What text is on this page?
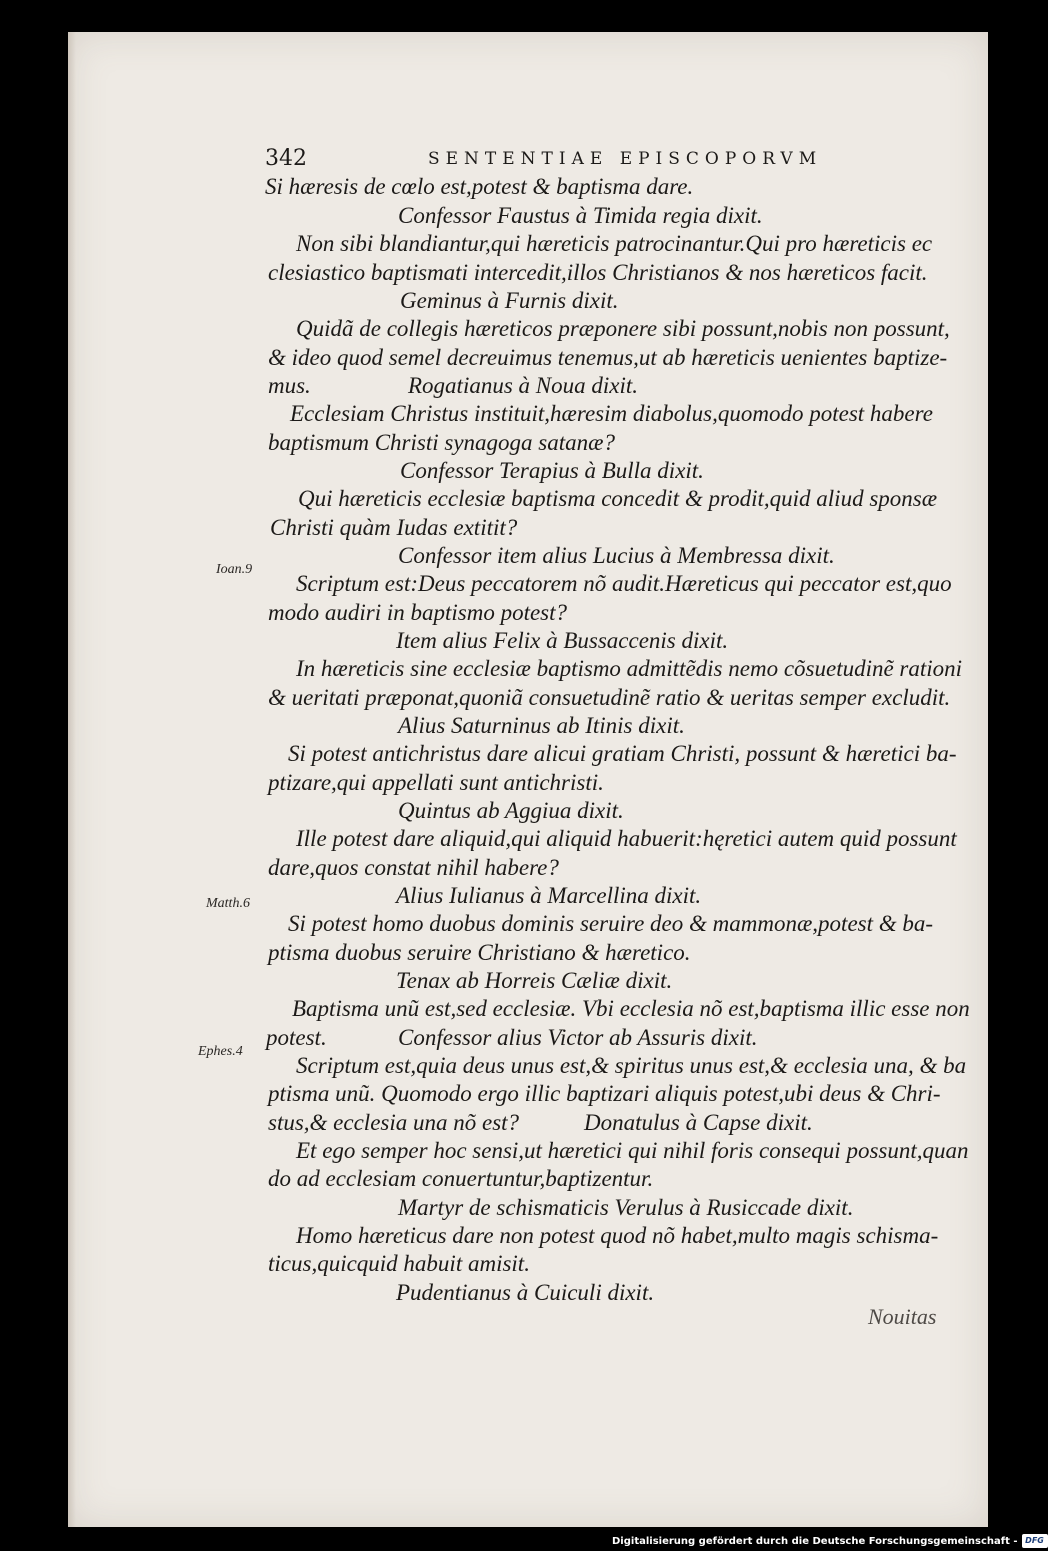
342	SENTENTIAE EPISCOPORVM
Si hæresis de cœlo est,potest & baptisma dare.
Confessor Faustus à Timida regia dixit.
Non sibi blandiantur,qui hæreticis patrocinantur.Qui pro hæreticis ec
clesiastico baptismati intercedit,illos Christianos & nos hæreticos facit.
Geminus à Furnis dixit.
Quidã de collegis hæreticos præponere sibi possunt,nobis non possunt,
& ideo quod semel decreuimus tenemus,ut ab hæreticis uenientes baptize-
mus.	Rogatianus à Noua dixit.
Ecclesiam Christus instituit,hæresim diabolus,quomodo potest habere
baptismum Christi synagoga satanæ?
Confessor Terapius à Bulla dixit.
Qui hæreticis ecclesiæ baptisma concedit & prodit,quid aliud sponsæ
Christi quàm Iudas extitit?
Confessor item alius Lucius à Membressa dixit.
Scriptum est:Deus peccatorem nõ audit.Hæreticus qui peccator est,quo
modo audiri in baptismo potest?
Item alius Felix à Bussaccenis dixit.
In hæreticis sine ecclesiæ baptismo admittẽdis nemo cõsuetudinẽ rationi
& ueritati præponat,quoniã consuetudinẽ ratio & ueritas semper excludit.
Alius Saturninus ab Itinis dixit.
Si potest antichristus dare alicui gratiam Christi, possunt & hæretici ba-
ptizare,qui appellati sunt antichristi.
Quintus ab Aggiua dixit.
Ille potest dare aliquid,qui aliquid habuerit:hęretici autem quid possunt
dare,quos constat nihil habere?
Alius Iulianus à Marcellina dixit.
Si potest homo duobus dominis seruire deo & mammonæ,potest & ba-
ptisma duobus seruire Christiano & hæretico.
Tenax ab Horreis Cæliæ dixit.
Baptisma unũ est,sed ecclesiæ. Vbi ecclesia nõ est,baptisma illic esse non
potest.	Confessor alius Victor ab Assuris dixit.
Scriptum est,quia deus unus est,& spiritus unus est,& ecclesia una, & ba
ptisma unũ. Quomodo ergo illic baptizari aliquis potest,ubi deus & Chri-
stus,& ecclesia una nõ est?	Donatulus à Capse dixit.
Et ego semper hoc sensi,ut hæretici qui nihil foris consequi possunt,quan
do ad ecclesiam conuertuntur,baptizentur.
Martyr de schismaticis Verulus à Rusiccade dixit.
Homo hæreticus dare non potest quod nõ habet,multo magis schisma-
ticus,quicquid habuit amisit.
Pudentianus à Cuiculi dixit.
Ioan.9
Matth.6
Ephes.4
Nouitas
Digitalisierung gefördert durch die Deutsche Forschungsgemeinschaft - DFG
